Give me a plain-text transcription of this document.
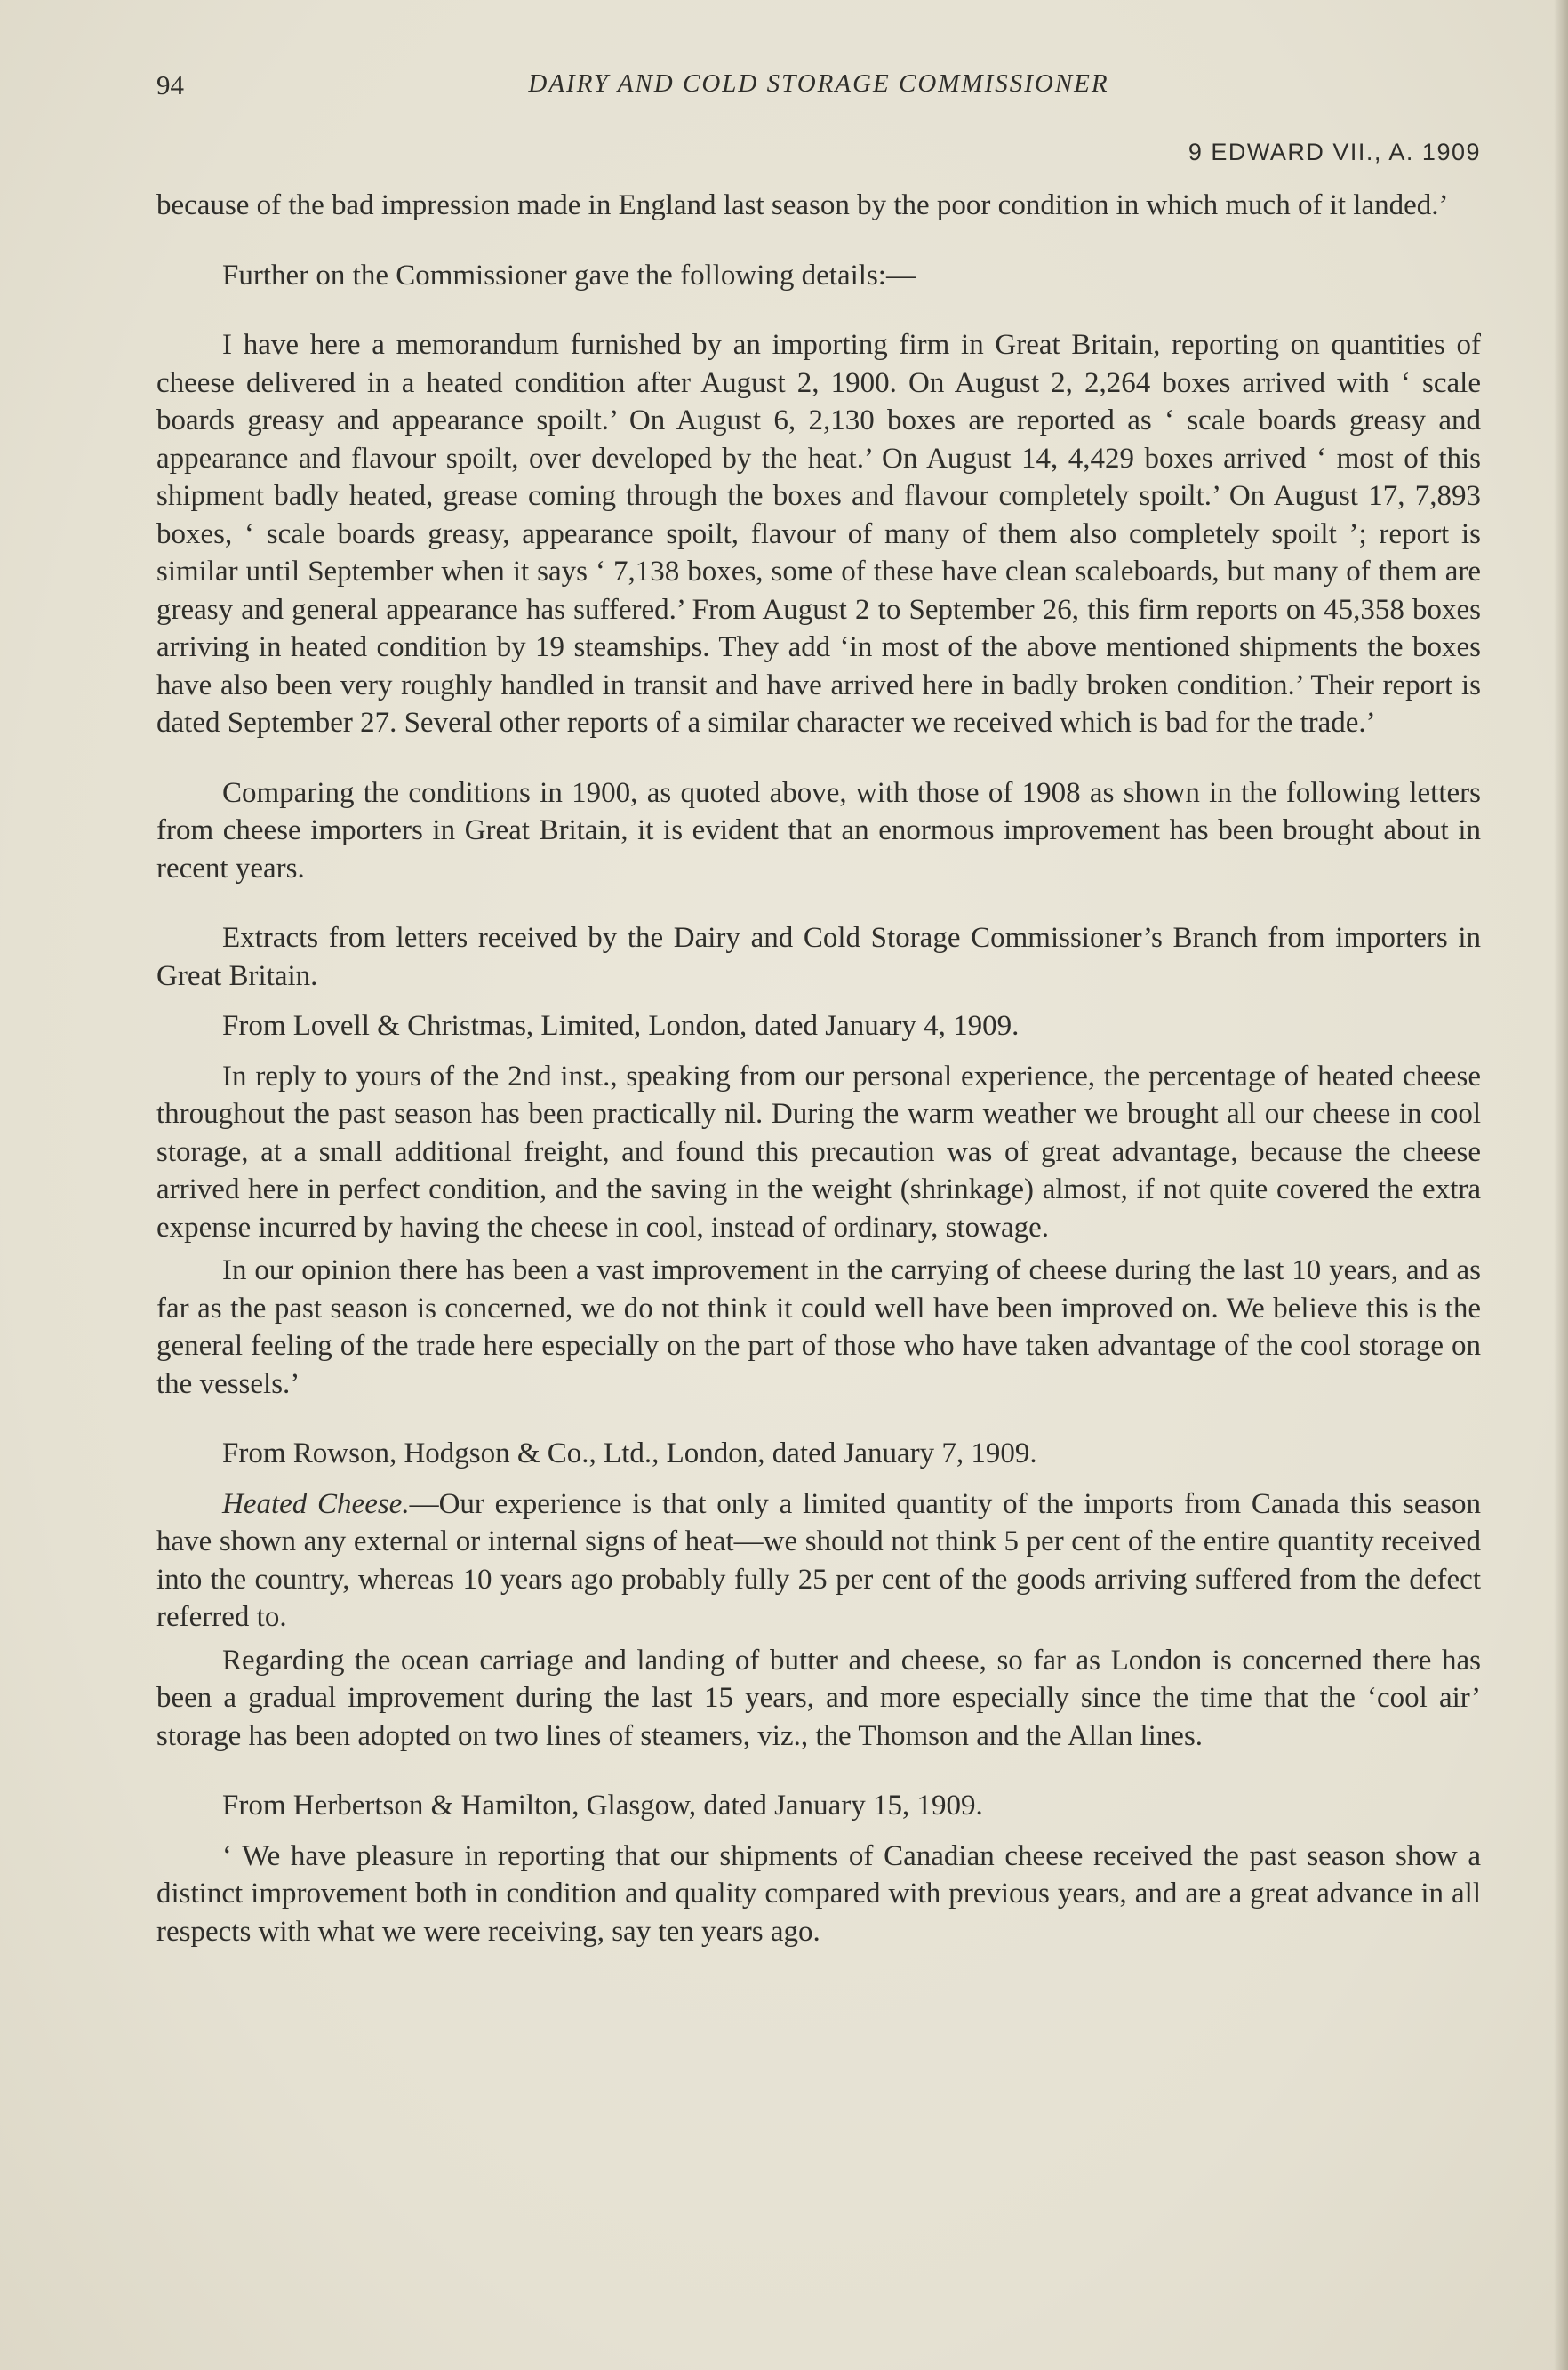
94	DAIRY AND COLD STORAGE COMMISSIONER
9 EDWARD VII., A. 1909

because of the bad impression made in England last season by the poor condition in which much of it landed.’

Further on the Commissioner gave the following details:—

I have here a memorandum furnished by an importing firm in Great Britain, reporting on quantities of cheese delivered in a heated condition after August 2, 1900. On August 2, 2,264 boxes arrived with ‘ scale boards greasy and appearance spoilt.’ On August 6, 2,130 boxes are reported as ‘ scale boards greasy and appearance and flavour spoilt, over developed by the heat.’ On August 14, 4,429 boxes arrived ‘ most of this shipment badly heated, grease coming through the boxes and flavour completely spoilt.’ On August 17, 7,893 boxes, ‘ scale boards greasy, appearance spoilt, flavour of many of them also completely spoilt ’; report is similar until September when it says ‘ 7,138 boxes, some of these have clean scaleboards, but many of them are greasy and general appearance has suffered.’ From August 2 to September 26, this firm reports on 45,358 boxes arriving in heated condition by 19 steamships. They add ‘in most of the above mentioned shipments the boxes have also been very roughly handled in transit and have arrived here in badly broken condition.’ Their report is dated September 27. Several other reports of a similar character we received which is bad for the trade.’

Comparing the conditions in 1900, as quoted above, with those of 1908 as shown in the following letters from cheese importers in Great Britain, it is evident that an enormous improvement has been brought about in recent years.

Extracts from letters received by the Dairy and Cold Storage Commissioner’s Branch from importers in Great Britain.

From Lovell & Christmas, Limited, London, dated January 4, 1909.

In reply to yours of the 2nd inst., speaking from our personal experience, the percentage of heated cheese throughout the past season has been practically nil. During the warm weather we brought all our cheese in cool storage, at a small additional freight, and found this precaution was of great advantage, because the cheese arrived here in perfect condition, and the saving in the weight (shrinkage) almost, if not quite covered the extra expense incurred by having the cheese in cool, instead of ordinary, stowage.

In our opinion there has been a vast improvement in the carrying of cheese during the last 10 years, and as far as the past season is concerned, we do not think it could well have been improved on. We believe this is the general feeling of the trade here especially on the part of those who have taken advantage of the cool storage on the vessels.’

From Rowson, Hodgson & Co., Ltd., London, dated January 7, 1909.

Heated Cheese.—Our experience is that only a limited quantity of the imports from Canada this season have shown any external or internal signs of heat—we should not think 5 per cent of the entire quantity received into the country, whereas 10 years ago probably fully 25 per cent of the goods arriving suffered from the defect referred to.

Regarding the ocean carriage and landing of butter and cheese, so far as London is concerned there has been a gradual improvement during the last 15 years, and more especially since the time that the ‘cool air’ storage has been adopted on two lines of steamers, viz., the Thomson and the Allan lines.

From Herbertson & Hamilton, Glasgow, dated January 15, 1909.

‘ We have pleasure in reporting that our shipments of Canadian cheese received the past season show a distinct improvement both in condition and quality compared with previous years, and are a great advance in all respects with what we were receiving, say ten years ago.
